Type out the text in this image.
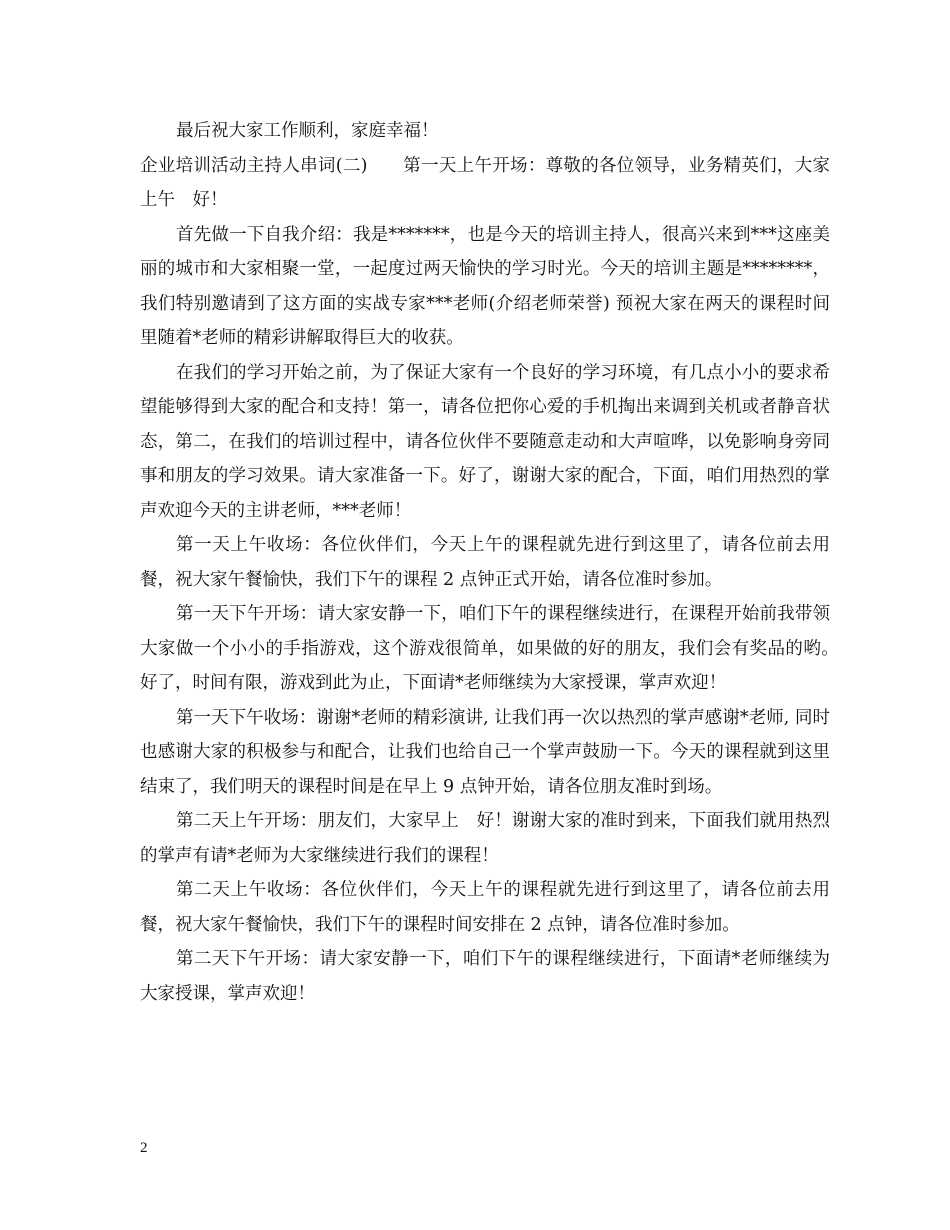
最后祝大家工作顺利，家庭幸福！

企业培训活动主持人串词(二)　　第一天上午开场：尊敬的各位领导，业务精英们，大家上午　好！

首先做一下自我介绍：我是*******，也是今天的培训主持人，很高兴来到***这座美丽的城市和大家相聚一堂，一起度过两天愉快的学习时光。今天的培训主题是********，我们特别邀请到了这方面的实战专家***老师(介绍老师荣誉) 预祝大家在两天的课程时间里随着*老师的精彩讲解取得巨大的收获。

在我们的学习开始之前，为了保证大家有一个良好的学习环境，有几点小小的要求希望能够得到大家的配合和支持！第一，请各位把你心爱的手机掏出来调到关机或者静音状态，第二，在我们的培训过程中，请各位伙伴不要随意走动和大声喧哗，以免影响身旁同事和朋友的学习效果。请大家准备一下。好了，谢谢大家的配合，下面，咱们用热烈的掌声欢迎今天的主讲老师，***老师！

第一天上午收场：各位伙伴们，今天上午的课程就先进行到这里了，请各位前去用餐，祝大家午餐愉快，我们下午的课程 2 点钟正式开始，请各位准时参加。

第一天下午开场：请大家安静一下，咱们下午的课程继续进行，在课程开始前我带领大家做一个小小的手指游戏，这个游戏很简单，如果做的好的朋友，我们会有奖品的哟。　好了，时间有限，游戏到此为止，下面请*老师继续为大家授课，掌声欢迎！

第一天下午收场：谢谢*老师的精彩演讲, 让我们再一次以热烈的掌声感谢*老师, 同时也感谢大家的积极参与和配合，让我们也给自己一个掌声鼓励一下。今天的课程就到这里结束了，我们明天的课程时间是在早上 9 点钟开始，请各位朋友准时到场。

第二天上午开场：朋友们，大家早上　好！谢谢大家的准时到来，下面我们就用热烈的掌声有请*老师为大家继续进行我们的课程！

第二天上午收场：各位伙伴们，今天上午的课程就先进行到这里了，请各位前去用餐，祝大家午餐愉快，我们下午的课程时间安排在 2 点钟，请各位准时参加。

第二天下午开场：请大家安静一下，咱们下午的课程继续进行，下面请*老师继续为大家授课，掌声欢迎！

2
